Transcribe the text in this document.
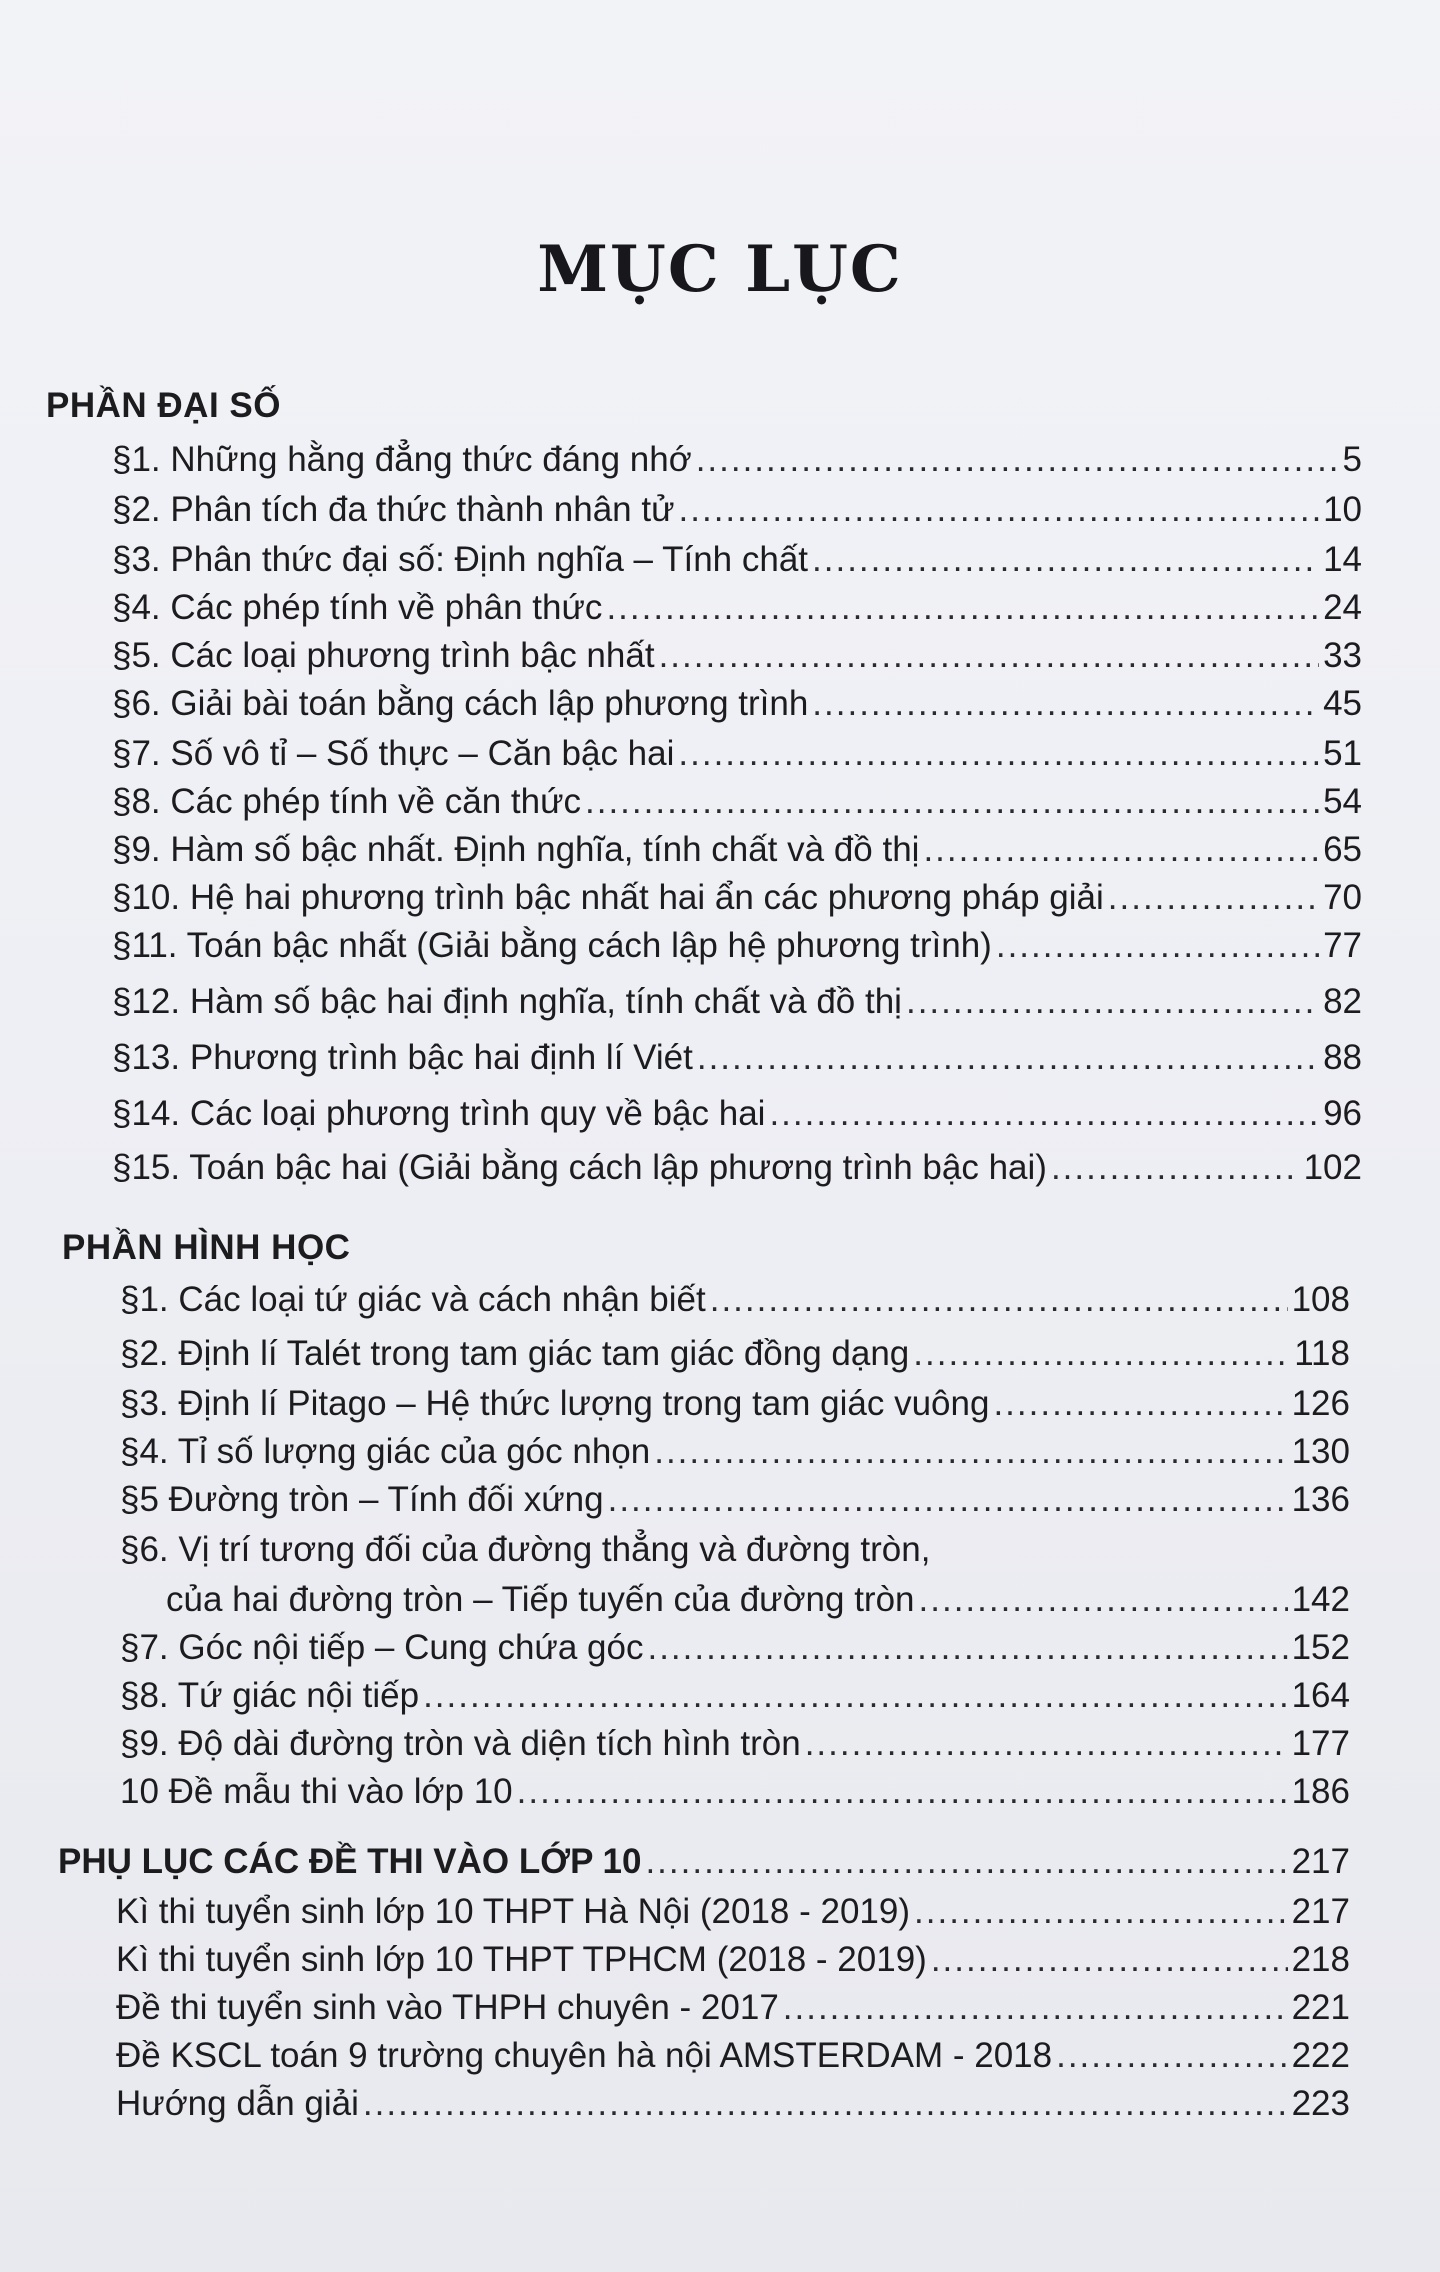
MỤC LỤC
PHẦN ĐẠI SỐ
§1. Những hằng đẳng thức đáng nhớ .....	5
§2. Phân tích đa thức thành nhân tử .....	10
§3. Phân thức đại số: Định nghĩa – Tính chất .....	14
§4. Các phép tính về phân thức .....	24
§5. Các loại phương trình bậc nhất .....	33
§6. Giải bài toán bằng cách lập phương trình .....	45
§7. Số vô tỉ – Số thực – Căn bậc hai .....	51
§8. Các phép tính về căn thức .....	54
§9. Hàm số bậc nhất. Định nghĩa, tính chất và đồ thị .....	65
§10. Hệ hai phương trình bậc nhất hai ẩn các phương pháp giải .....	70
§11. Toán bậc nhất (Giải bằng cách lập hệ phương trình) .....	77
§12. Hàm số bậc hai định nghĩa, tính chất và đồ thị .....	82
§13. Phương trình bậc hai định lí Viét .....	88
§14. Các loại phương trình quy về bậc hai .....	96
§15. Toán bậc hai (Giải bằng cách lập phương trình bậc hai) .....	102
PHẦN HÌNH HỌC
§1. Các loại tứ giác và cách nhận biết .....	108
§2. Định lí Talét trong tam giác tam giác đồng dạng .....	118
§3. Định lí Pitago – Hệ thức lượng trong tam giác vuông .....	126
§4. Tỉ số lượng giác của góc nhọn .....	130
§5 Đường tròn – Tính đối xứng .....	136
§6. Vị trí tương đối của đường thẳng và đường tròn,
của hai đường tròn – Tiếp tuyến của đường tròn .....	142
§7. Góc nội tiếp – Cung chứa góc .....	152
§8. Tứ giác nội tiếp .....	164
§9. Độ dài đường tròn và diện tích hình tròn .....	177
10 Đề mẫu thi vào lớp 10 .....	186
PHỤ LỤC CÁC ĐỀ THI VÀO LỚP 10 .....	217
Kì thi tuyển sinh lớp 10 THPT Hà Nội (2018 - 2019) .....	217
Kì thi tuyển sinh lớp 10 THPT TPHCM (2018 - 2019) .....	218
Đề thi tuyển sinh vào THPH chuyên - 2017 .....	221
Đề KSCL toán 9 trường chuyên hà nội AMSTERDAM - 2018 .....	222
Hướng dẫn giải .....	223
